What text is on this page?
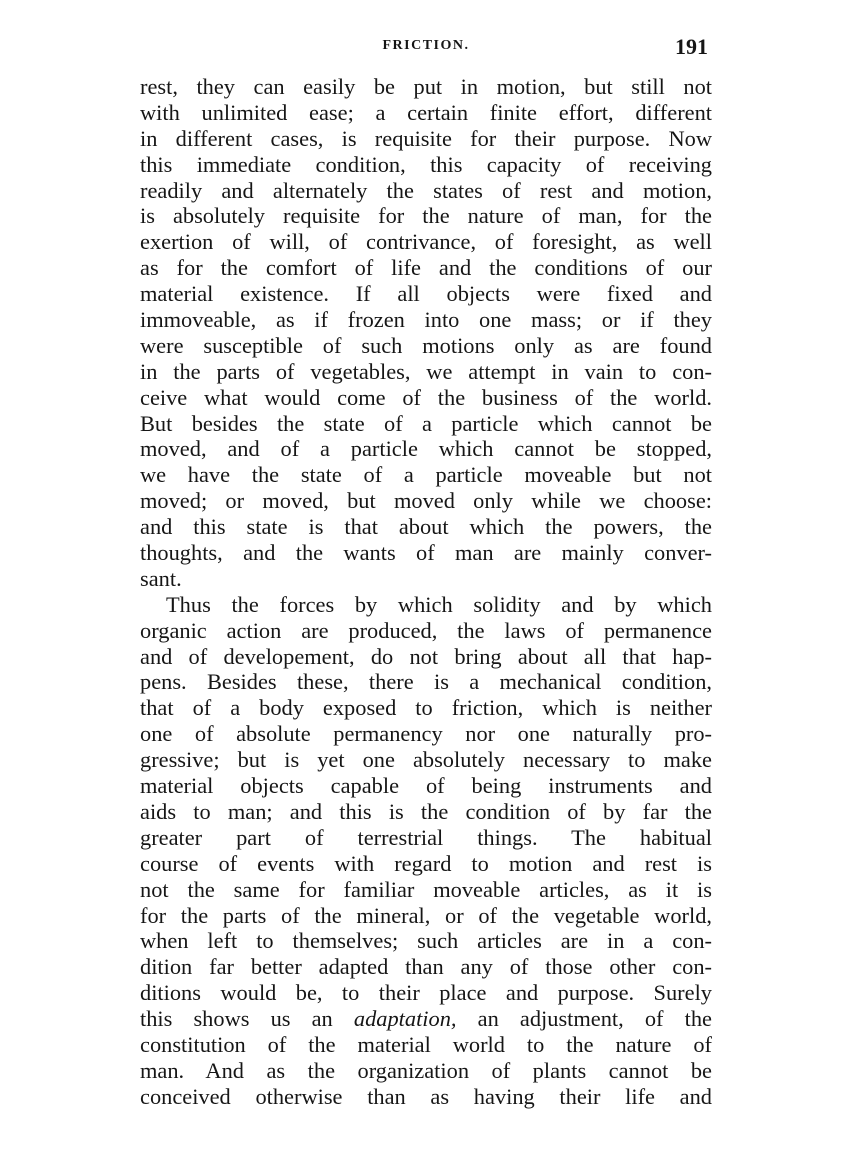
FRICTION.	191
rest, they can easily be put in motion, but still not
with unlimited ease; a certain finite effort, different
in different cases, is requisite for their purpose. Now
this immediate condition, this capacity of receiving
readily and alternately the states of rest and motion,
is absolutely requisite for the nature of man, for the
exertion of will, of contrivance, of foresight, as well
as for the comfort of life and the conditions of our
material existence. If all objects were fixed and
immoveable, as if frozen into one mass; or if they
were susceptible of such motions only as are found
in the parts of vegetables, we attempt in vain to con-
ceive what would come of the business of the world.
But besides the state of a particle which cannot be
moved, and of a particle which cannot be stopped,
we have the state of a particle moveable but not
moved; or moved, but moved only while we choose:
and this state is that about which the powers, the
thoughts, and the wants of man are mainly conver-
sant.
Thus the forces by which solidity and by which
organic action are produced, the laws of permanence
and of developement, do not bring about all that hap-
pens. Besides these, there is a mechanical condition,
that of a body exposed to friction, which is neither
one of absolute permanency nor one naturally pro-
gressive; but is yet one absolutely necessary to make
material objects capable of being instruments and
aids to man; and this is the condition of by far the
greater part of terrestrial things. The habitual
course of events with regard to motion and rest is
not the same for familiar moveable articles, as it is
for the parts of the mineral, or of the vegetable world,
when left to themselves; such articles are in a con-
dition far better adapted than any of those other con-
ditions would be, to their place and purpose. Surely
this shows us an adaptation, an adjustment, of the
constitution of the material world to the nature of
man. And as the organization of plants cannot be
conceived otherwise than as having their life and
